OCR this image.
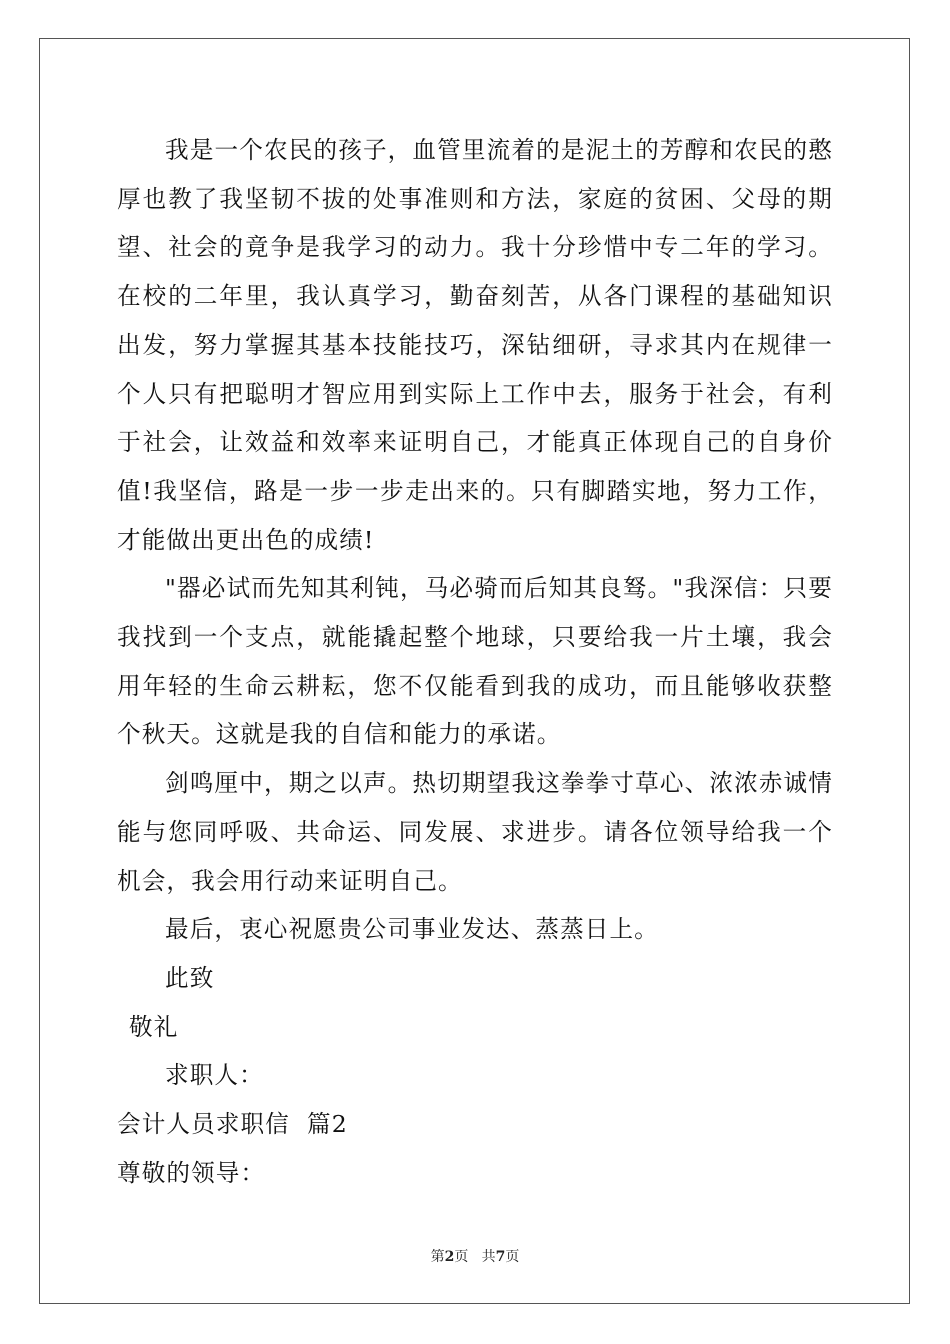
我是一个农民的孩子，血管里流着的是泥土的芳醇和农民的憨厚也教了我坚韧不拔的处事准则和方法，家庭的贫困、父母的期望、社会的竟争是我学习的动力。我十分珍惜中专二年的学习。在校的二年里，我认真学习，勤奋刻苦，从各门课程的基础知识出发，努力掌握其基本技能技巧，深钻细研，寻求其内在规律一个人只有把聪明才智应用到实际上工作中去，服务于社会，有利于社会，让效益和效率来证明自己，才能真正体现自己的自身价值!我坚信，路是一步一步走出来的。只有脚踏实地，努力工作，才能做出更出色的成绩!

"器必试而先知其利钝，马必骑而后知其良驽。"我深信：只要我找到一个支点，就能撬起整个地球，只要给我一片土壤，我会用年轻的生命云耕耘，您不仅能看到我的成功，而且能够收获整个秋天。这就是我的自信和能力的承诺。

剑鸣厘中，期之以声。热切期望我这拳拳寸草心、浓浓赤诚情能与您同呼吸、共命运、同发展、求进步。请各位领导给我一个机会，我会用行动来证明自己。

最后，衷心祝愿贵公司事业发达、蒸蒸日上。

此致

敬礼

求职人：

会计人员求职信  篇2

尊敬的领导：

第2页   共7页
